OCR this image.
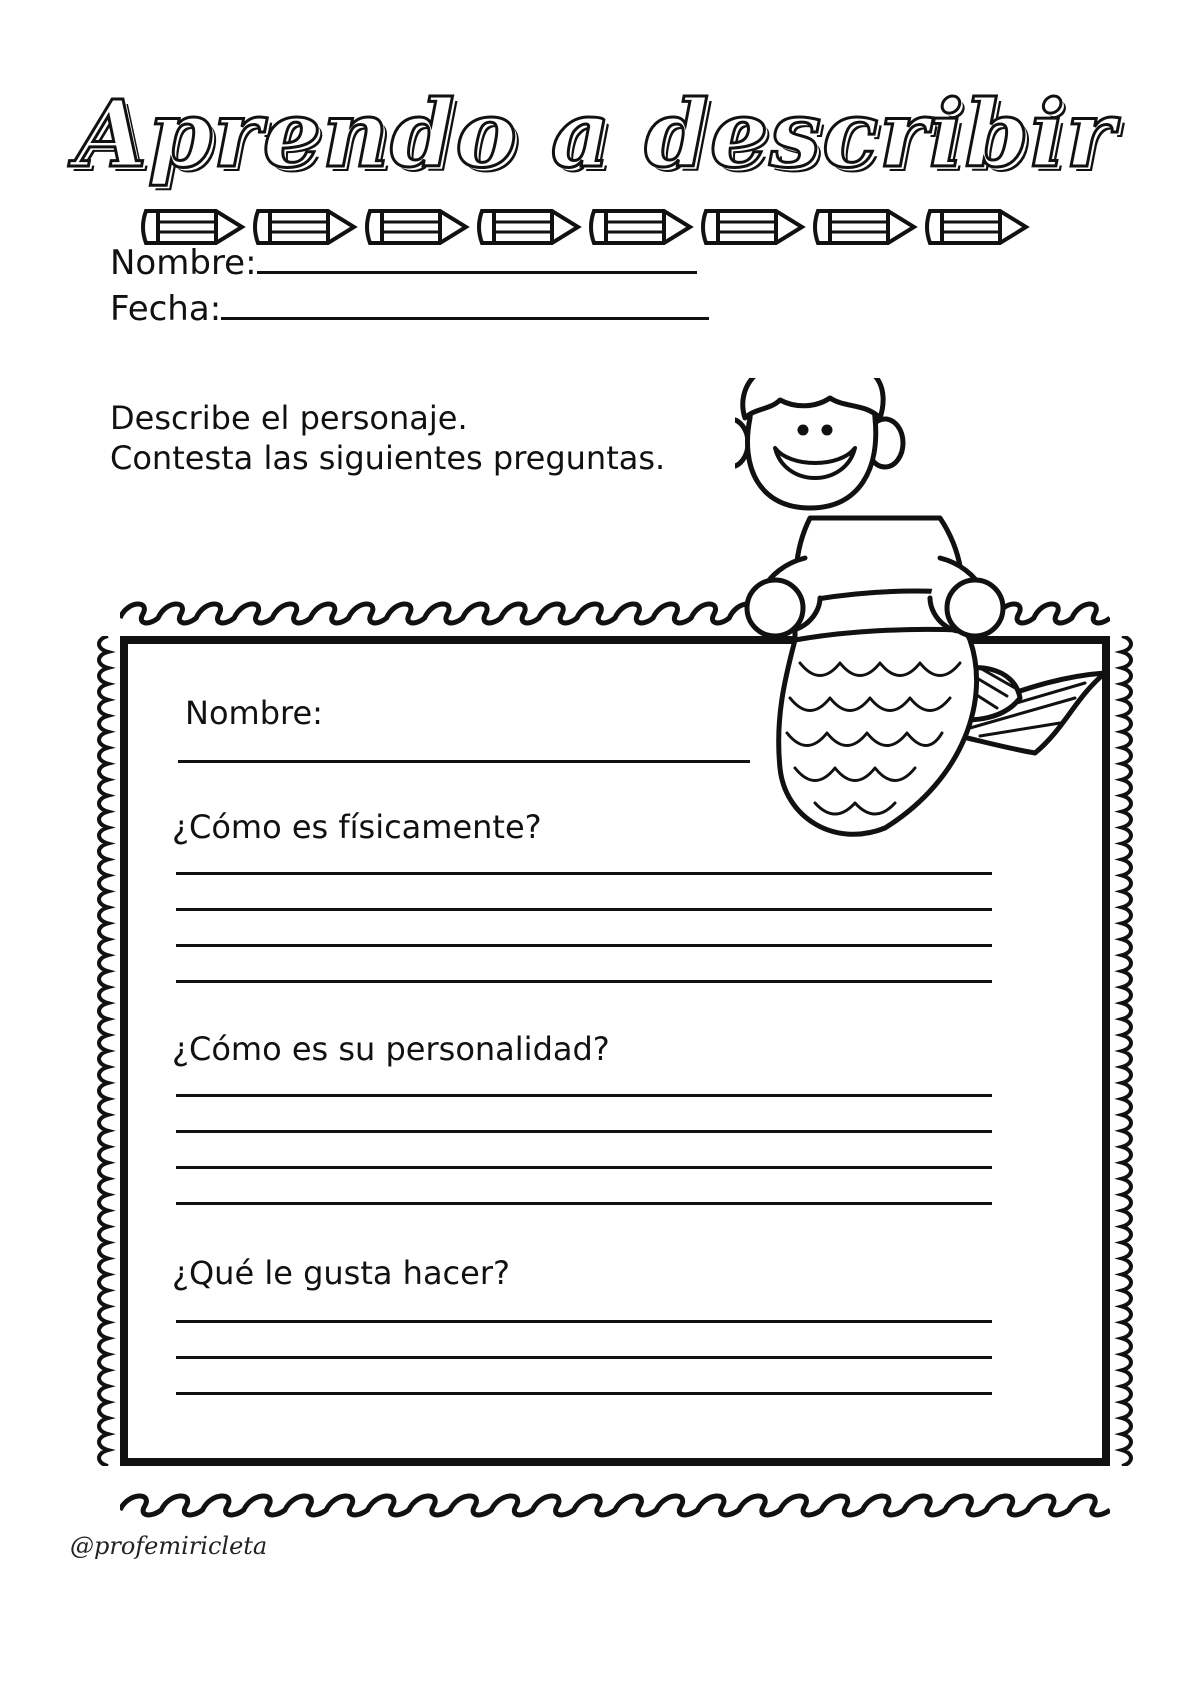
Aprendo a describir
Nombre:
Fecha:
Describe el personaje.
Contesta las siguientes preguntas.
Nombre:
¿Cómo es físicamente?
¿Cómo es su personalidad?
¿Qué le gusta hacer?
@profemiricleta
